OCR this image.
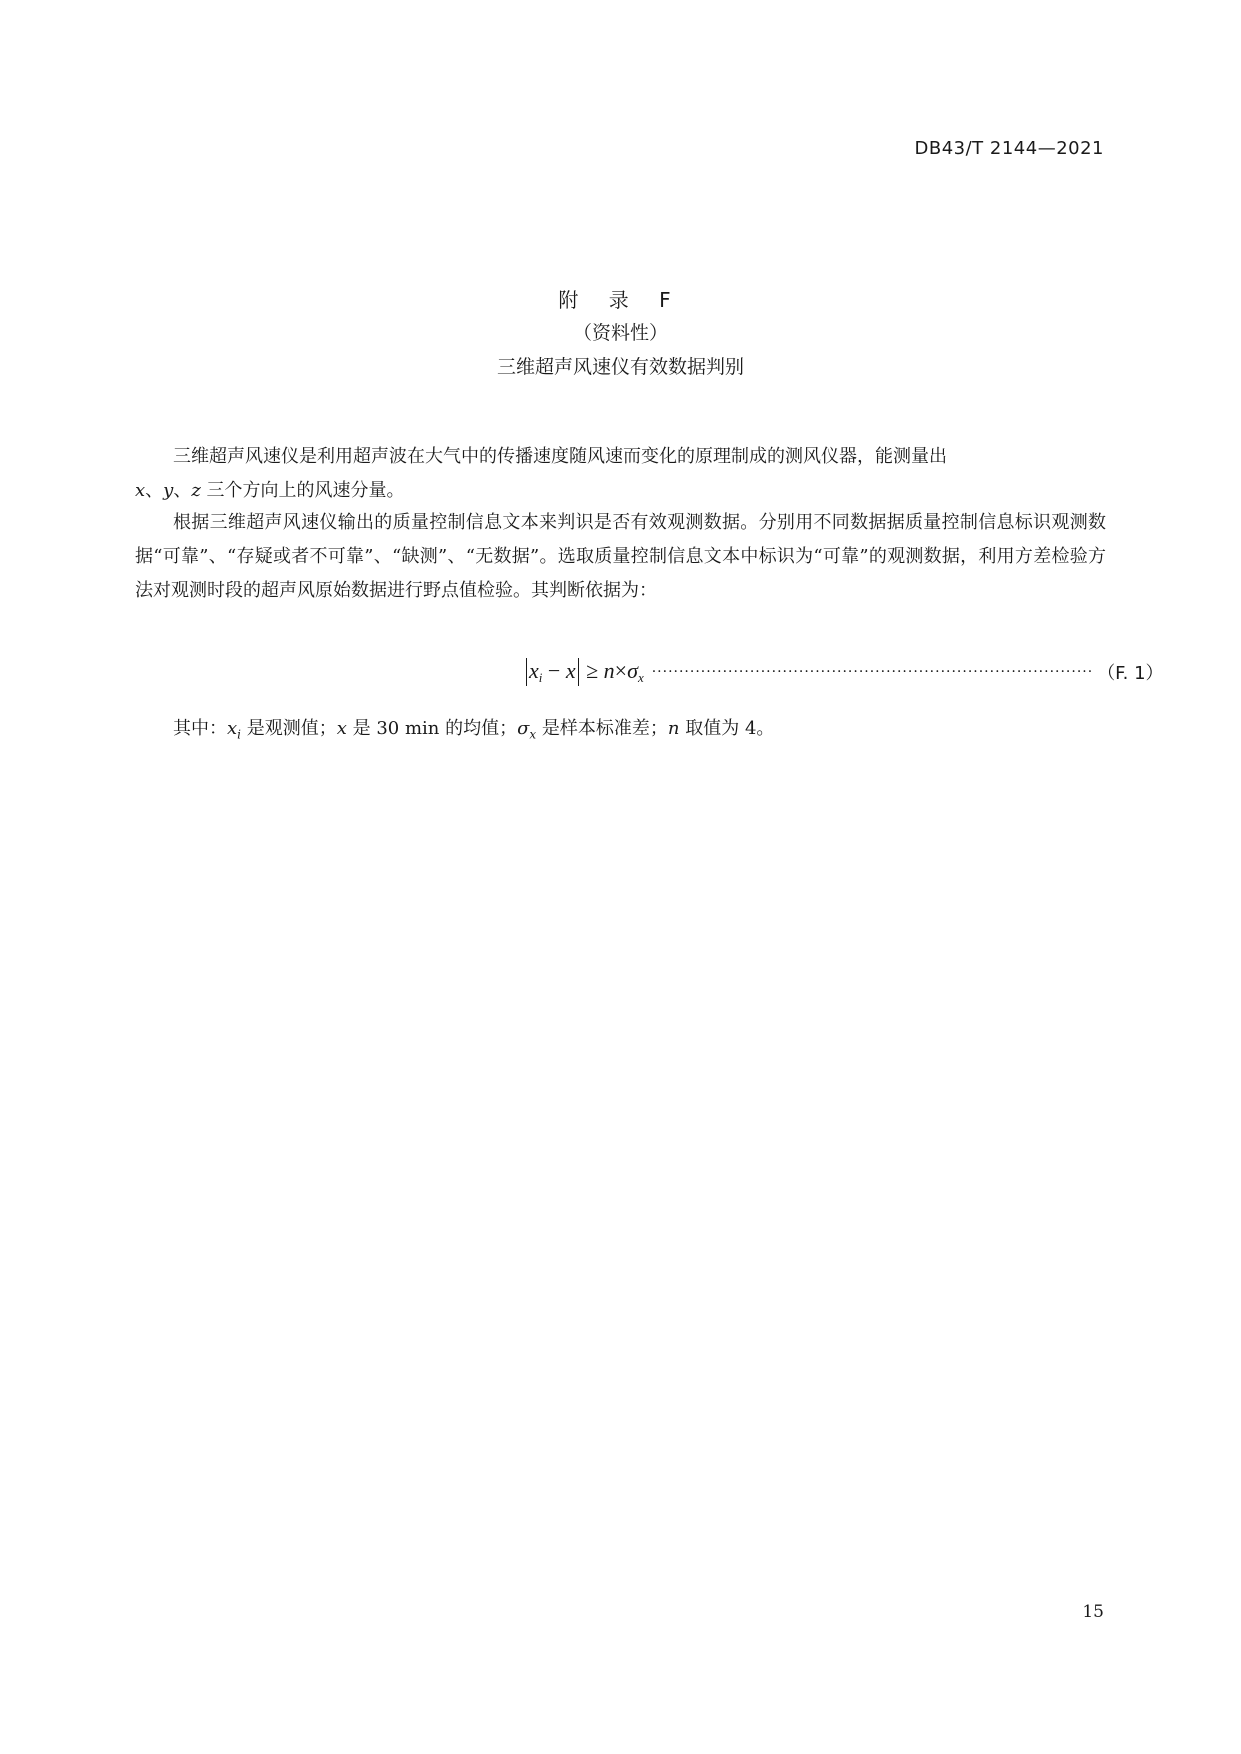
DB43/T 2144—2021
附 录 F
（资料性）
三维超声风速仪有效数据判别
三维超声风速仪是利用超声波在大气中的传播速度随风速而变化的原理制成的测风仪器，能测量出
x、y、z 三个方向上的风速分量。
根据三维超声风速仪输出的质量控制信息文本来判识是否有效观测数据。分别用不同数据据质量控制信息标识观测数据“可靠”、“存疑或者不可靠”、“缺测”、“无数据”。选取质量控制信息文本中标识为“可靠”的观测数据，利用方差检验方法对观测时段的超声风原始数据进行野点值检验。其判断依据为：
$x_i - x \ge n\times\sigma_x$ ················································································· （F. 1）
其中：$x_i$ 是观测值；x 是 30 min 的均值；$\sigma_x$ 是样本标准差；n 取值为 4。
15
